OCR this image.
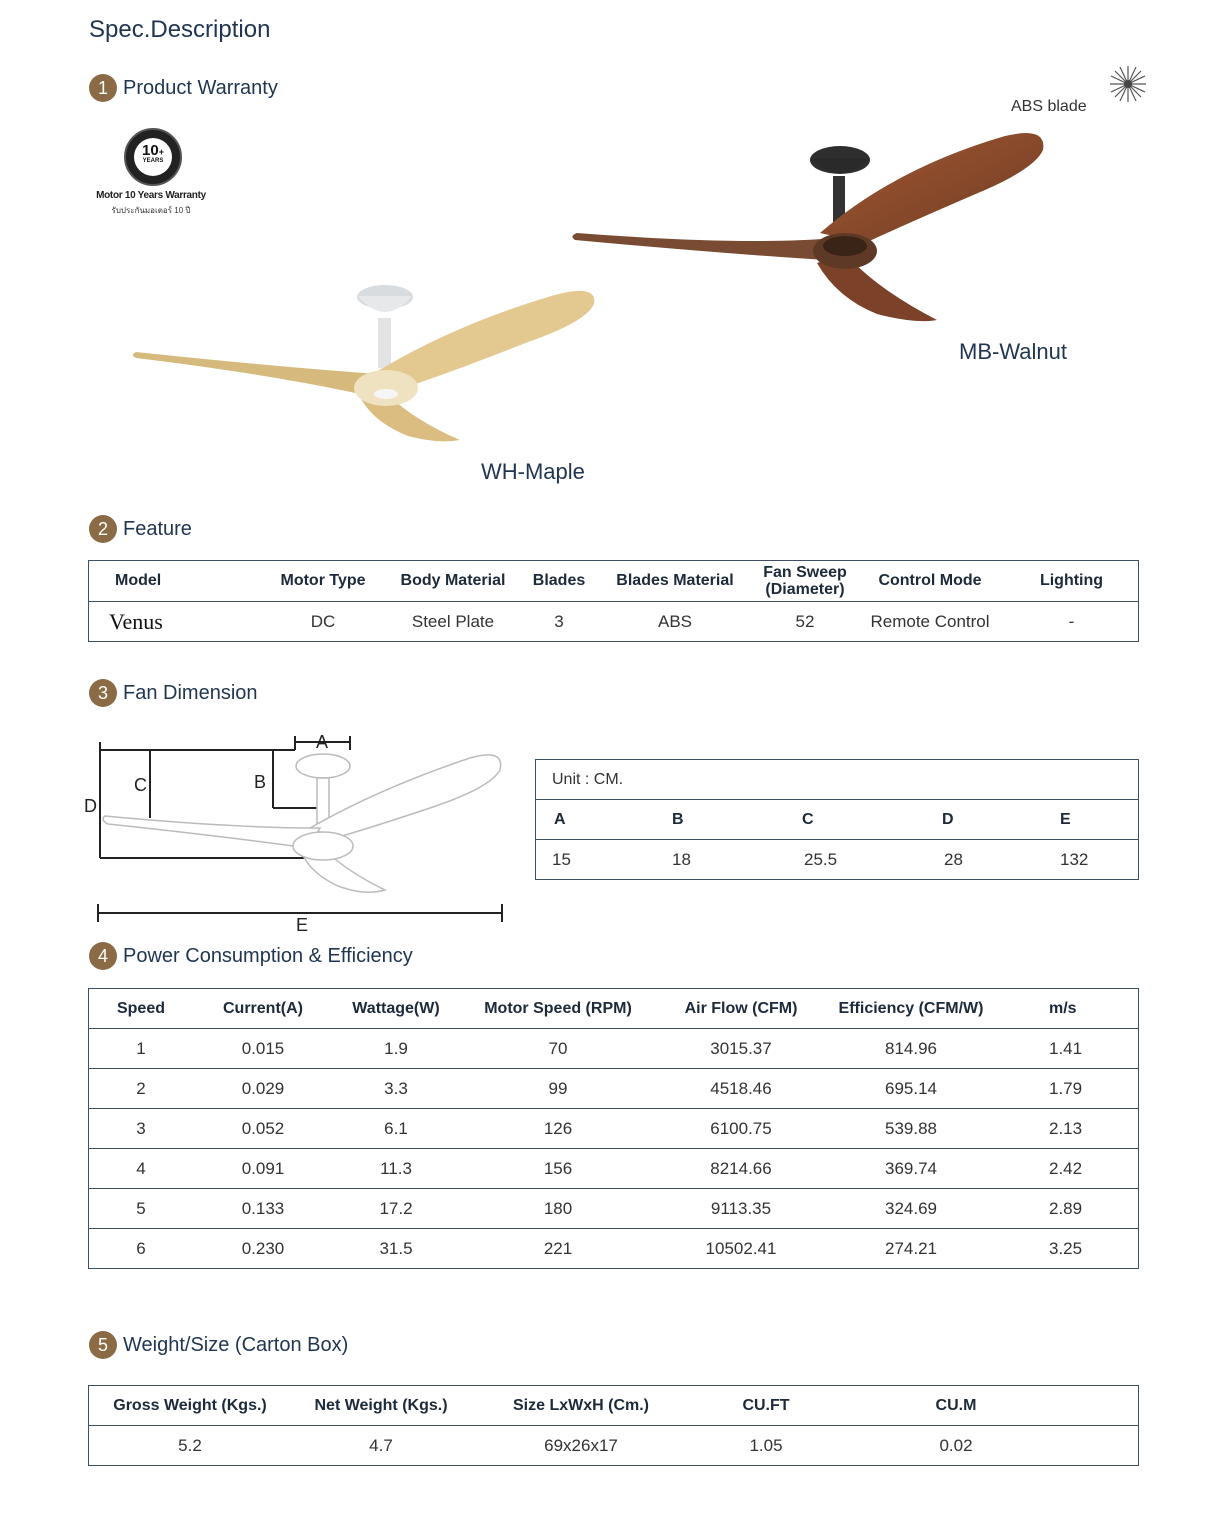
Spec.Description
1 Product Warranty
10+
YEARS
Motor 10 Years Warranty
รับประกันมอเตอร์ 10 ปี
ABS blade
MB-Walnut
WH-Maple
2 Feature
Model	Motor Type	Body Material	Blades	Blades Material	Fan Sweep
(Diameter)	Control Mode	Lighting
Venus	DC	Steel Plate	3	ABS	52	Remote Control	-
3 Fan Dimension
A
B
C
D
E
Unit : CM.				
A	B	C	D	E
15	18	25.5	28	132
4 Power Consumption & Efficiency
Speed	Current(A)	Wattage(W)	Motor Speed (RPM)	Air Flow (CFM)	Efficiency (CFM/W)	m/s
1	0.015	1.9	70	3015.37	814.96	1.41
2	0.029	3.3	99	4518.46	695.14	1.79
3	0.052	6.1	126	6100.75	539.88	2.13
4	0.091	11.3	156	8214.66	369.74	2.42
5	0.133	17.2	180	9113.35	324.69	2.89
6	0.230	31.5	221	10502.41	274.21	3.25
5 Weight/Size (Carton Box)
Gross Weight (Kgs.)	Net Weight (Kgs.)	Size LxWxH (Cm.)	CU.FT	CU.M	
5.2	4.7	69x26x17	1.05	0.02	
